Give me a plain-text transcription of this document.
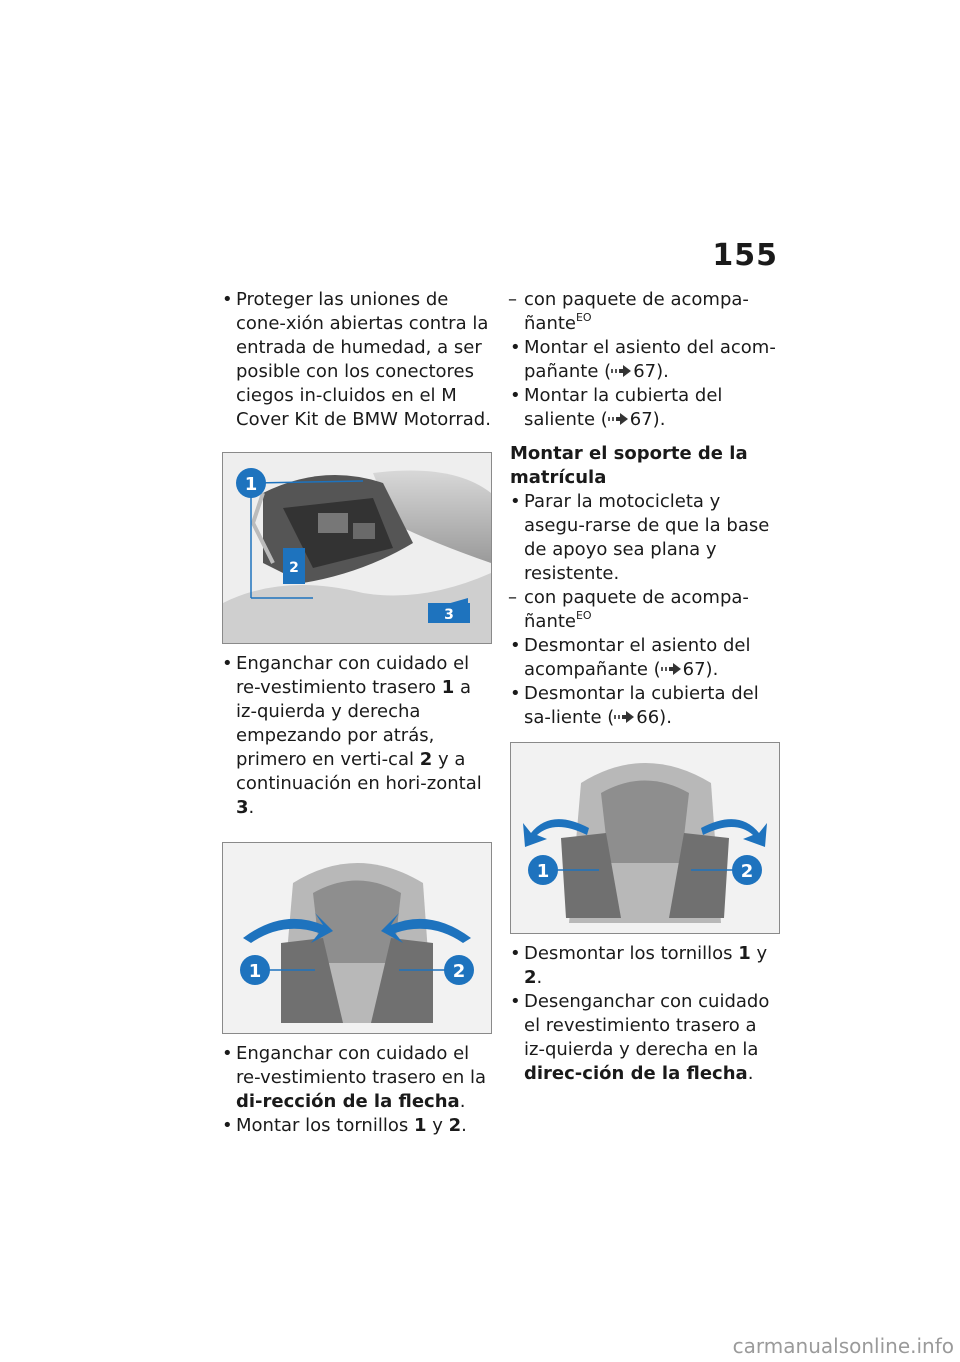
155

• Proteger las uniones de cone-xión abiertas contra la entrada de humedad, a ser posible con los conectores ciegos in-cluidos en el M Cover Kit de BMW Motorrad.

1
2
3

• Enganchar con cuidado el re-vestimiento trasero 1 a iz-quierda y derecha empezando por atrás, primero en verti-cal 2 y a continuación en hori-zontal 3.

1	2

• Enganchar con cuidado el re-vestimiento trasero en la di-rección de la flecha.

• Montar los tornillos 1 y 2.

– con paquete de acompa-ñante$^{EO}$

• Montar el asiento del acom-pañante ( 67).

• Montar la cubierta del saliente ( 67).

Montar el soporte de la matrícula

• Parar la motocicleta y asegu-rarse de que la base de apoyo sea plana y resistente.

– con paquete de acompa-ñante$^{EO}$

• Desmontar el asiento del acompañante ( 67).

• Desmontar la cubierta del sa-liente ( 66).

1	2

• Desmontar los tornillos 1 y 2.

• Desenganchar con cuidado el revestimiento trasero a iz-quierda y derecha en la direc-ción de la flecha.

carmanualsonline.info
